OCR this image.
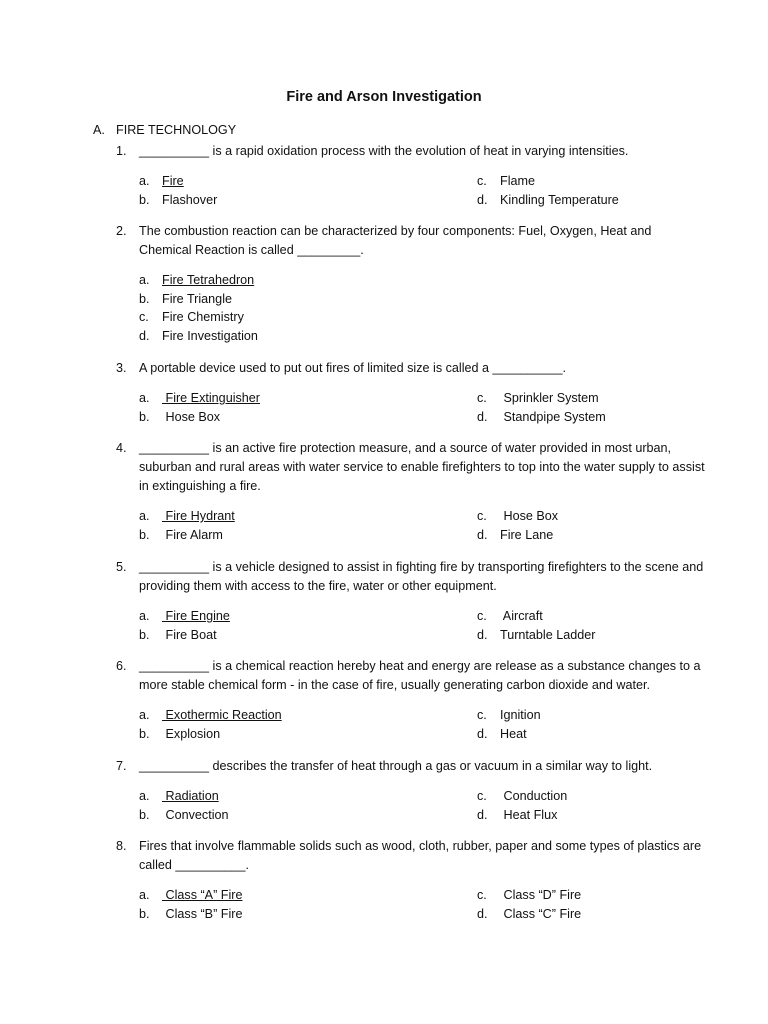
Fire and Arson Investigation
A. FIRE TECHNOLOGY
1. __________ is a rapid oxidation process with the evolution of heat in varying intensities.
a. Fire
b. Flashover
c. Flame
d. Kindling Temperature
2. The combustion reaction can be characterized by four components: Fuel, Oxygen, Heat and Chemical Reaction is called _________.
a. Fire Tetrahedron
b. Fire Triangle
c. Fire Chemistry
d. Fire Investigation
3. A portable device used to put out fires of limited size is called a __________.
a. Fire Extinguisher
b. Hose Box
c. Sprinkler System
d. Standpipe System
4. __________ is an active fire protection measure, and a source of water provided in most urban, suburban and rural areas with water service to enable firefighters to top into the water supply to assist in extinguishing a fire.
a. Fire Hydrant
b. Fire Alarm
c. Hose Box
d. Fire Lane
5. __________ is a vehicle designed to assist in fighting fire by transporting firefighters to the scene and providing them with access to the fire, water or other equipment.
a. Fire Engine
b. Fire Boat
c. Aircraft
d. Turntable Ladder
6. __________ is a chemical reaction hereby heat and energy are release as a substance changes to a more stable chemical form - in the case of fire, usually generating carbon dioxide and water.
a. Exothermic Reaction
b. Explosion
c. Ignition
d. Heat
7. __________ describes the transfer of heat through a gas or vacuum in a similar way to light.
a. Radiation
b. Convection
c. Conduction
d. Heat Flux
8. Fires that involve flammable solids such as wood, cloth, rubber, paper and some types of plastics are called __________.
a. Class “A” Fire
b. Class “B” Fire
c. Class “D” Fire
d. Class “C” Fire
